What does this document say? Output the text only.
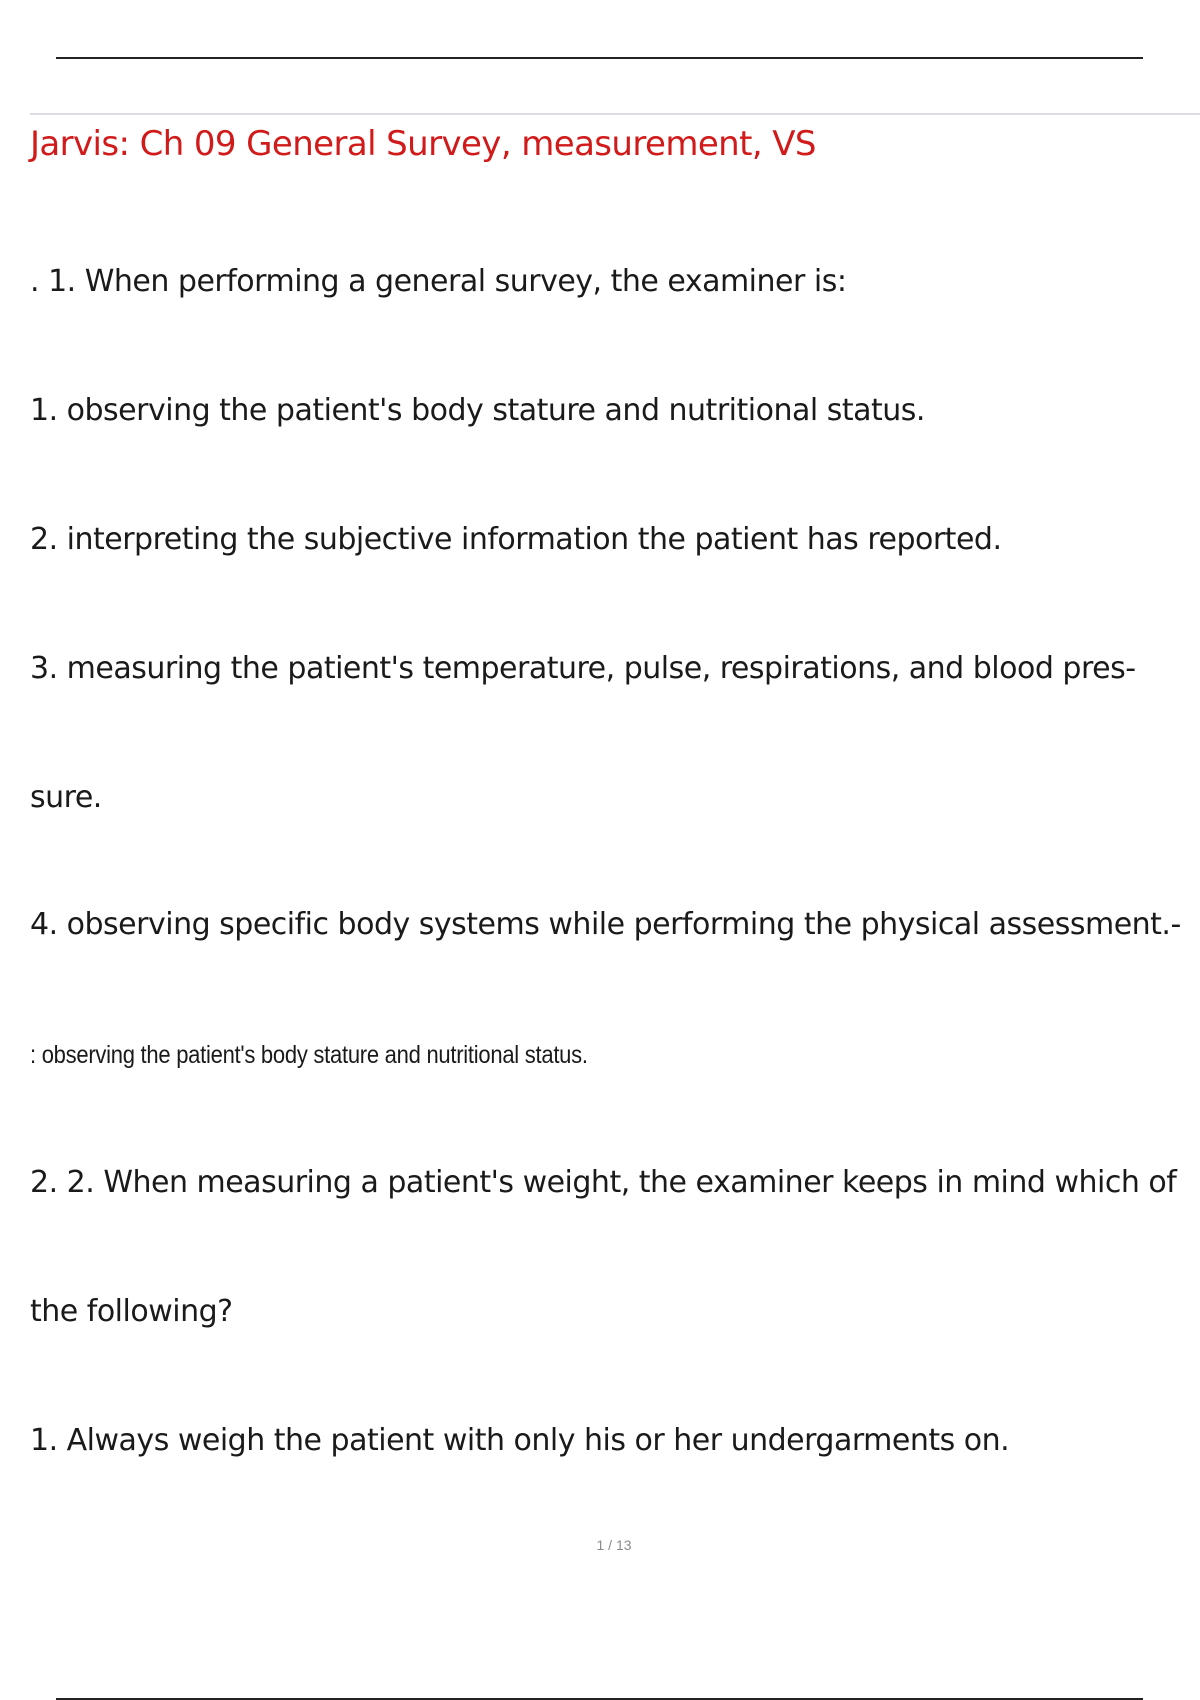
Jarvis: Ch 09 General Survey, measurement, VS

. 1. When performing a general survey, the examiner is:

1. observing the patient's body stature and nutritional status.

2. interpreting the subjective information the patient has reported.

3. measuring the patient's temperature, pulse, respirations, and blood pres-

sure.

4. observing specific body systems while performing the physical assessment.-

: observing the patient's body stature and nutritional status.

2. 2. When measuring a patient's weight, the examiner keeps in mind which of

the following?

1. Always weigh the patient with only his or her undergarments on.

1 / 13
